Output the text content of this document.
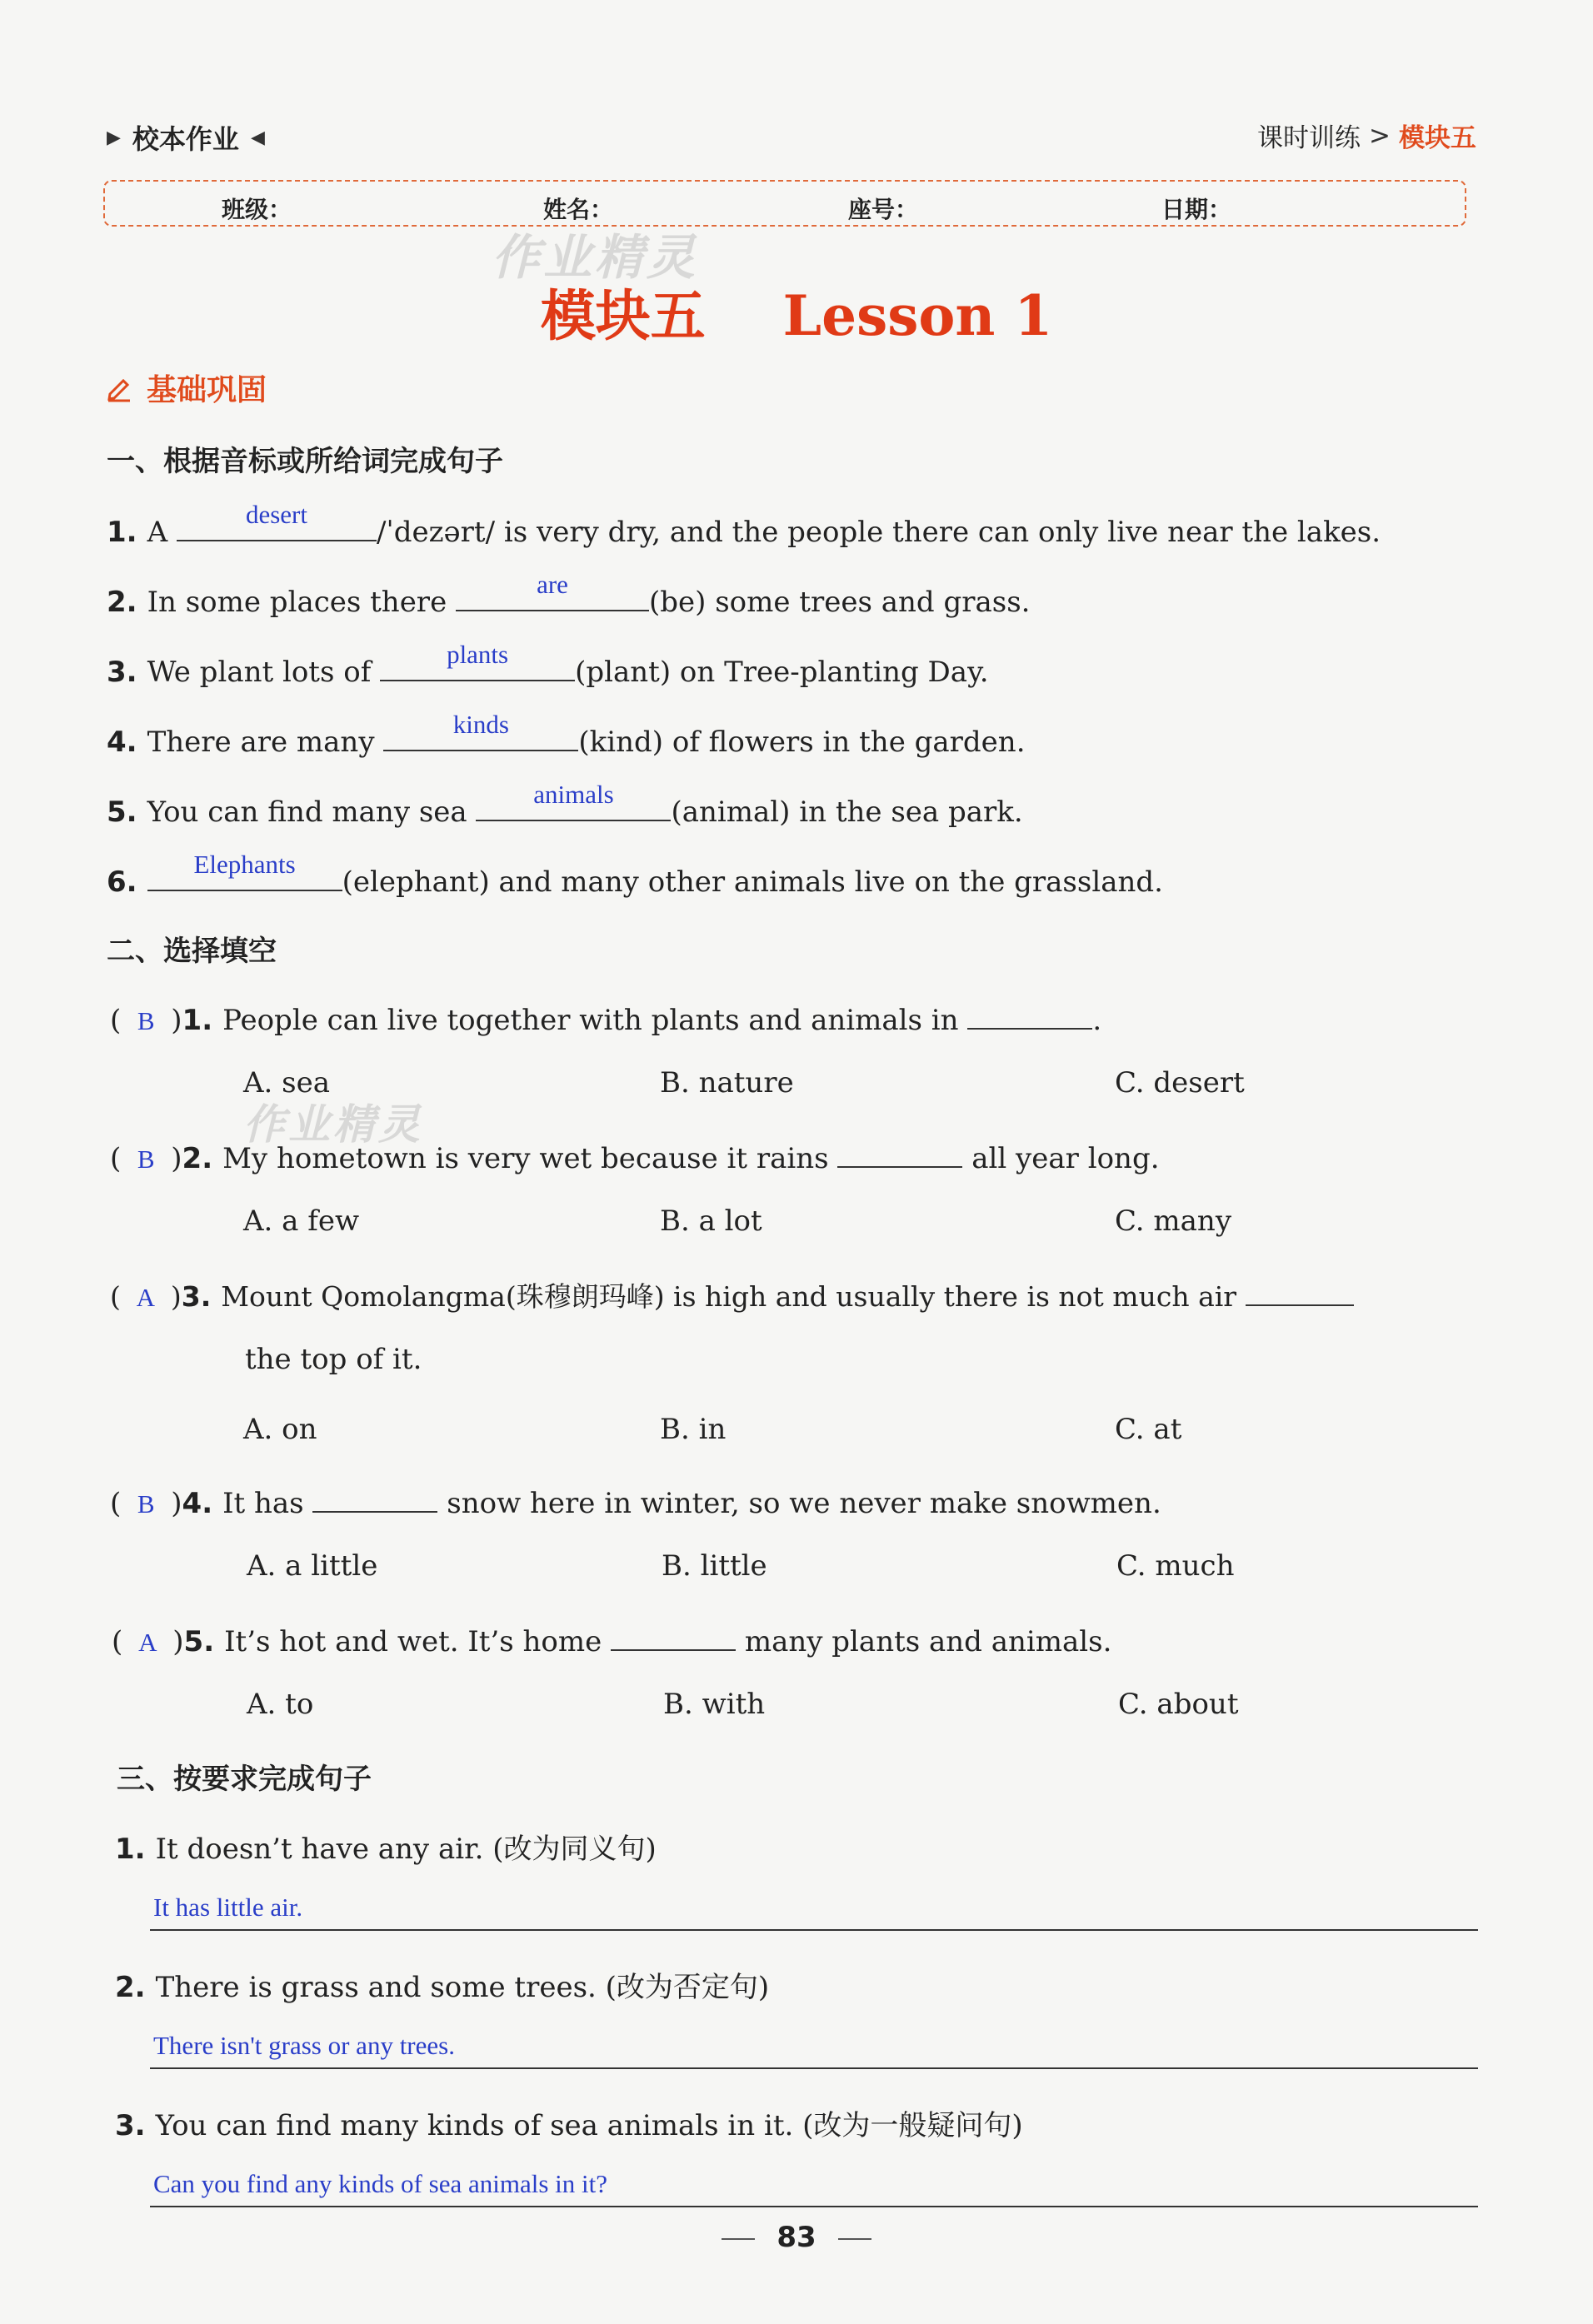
▶ 校本作业 ◀	课时训练 > 模块五
班级：	姓名：	座号：	日期：
作业精灵
作业精灵
模块五 Lesson 1
基础巩固
一、根据音标或所给词完成句子
1. A
desert
/ˈdezərt/ is very dry, and the people there can only live near the lakes.
2. In some places there
are
(be) some trees and grass.
3. We plant lots of
plants
(plant) on Tree-planting Day.
4. There are many
kinds
(kind) of flowers in the garden.
5. You can find many sea
animals
(animal) in the sea park.
6.
Elephants
(elephant) and many other animals live on the grassland.
二、选择填空
( B )1. People can live together with plants and animals in	.
A. sea	B. nature	C. desert
( B )2. My hometown is very wet because it rains	all year long.
A. a few	B. a lot	C. many
( A )3. Mount Qomolangma(珠穆朗玛峰) is high and usually there is not much air
the top of it.
A. on	B. in	C. at
( B )4. It has	snow here in winter, so we never make snowmen.
A. a little	B. little	C. much
( A )5. It’s hot and wet. It’s home	many plants and animals.
A. to	B. with	C. about
三、按要求完成句子
1. It doesn’t have any air. (改为同义句)
It has little air.
2. There is grass and some trees. (改为否定句)
There isn't grass or any trees.
3. You can find many kinds of sea animals in it. (改为一般疑问句)
Can you find any kinds of sea animals in it?
83
